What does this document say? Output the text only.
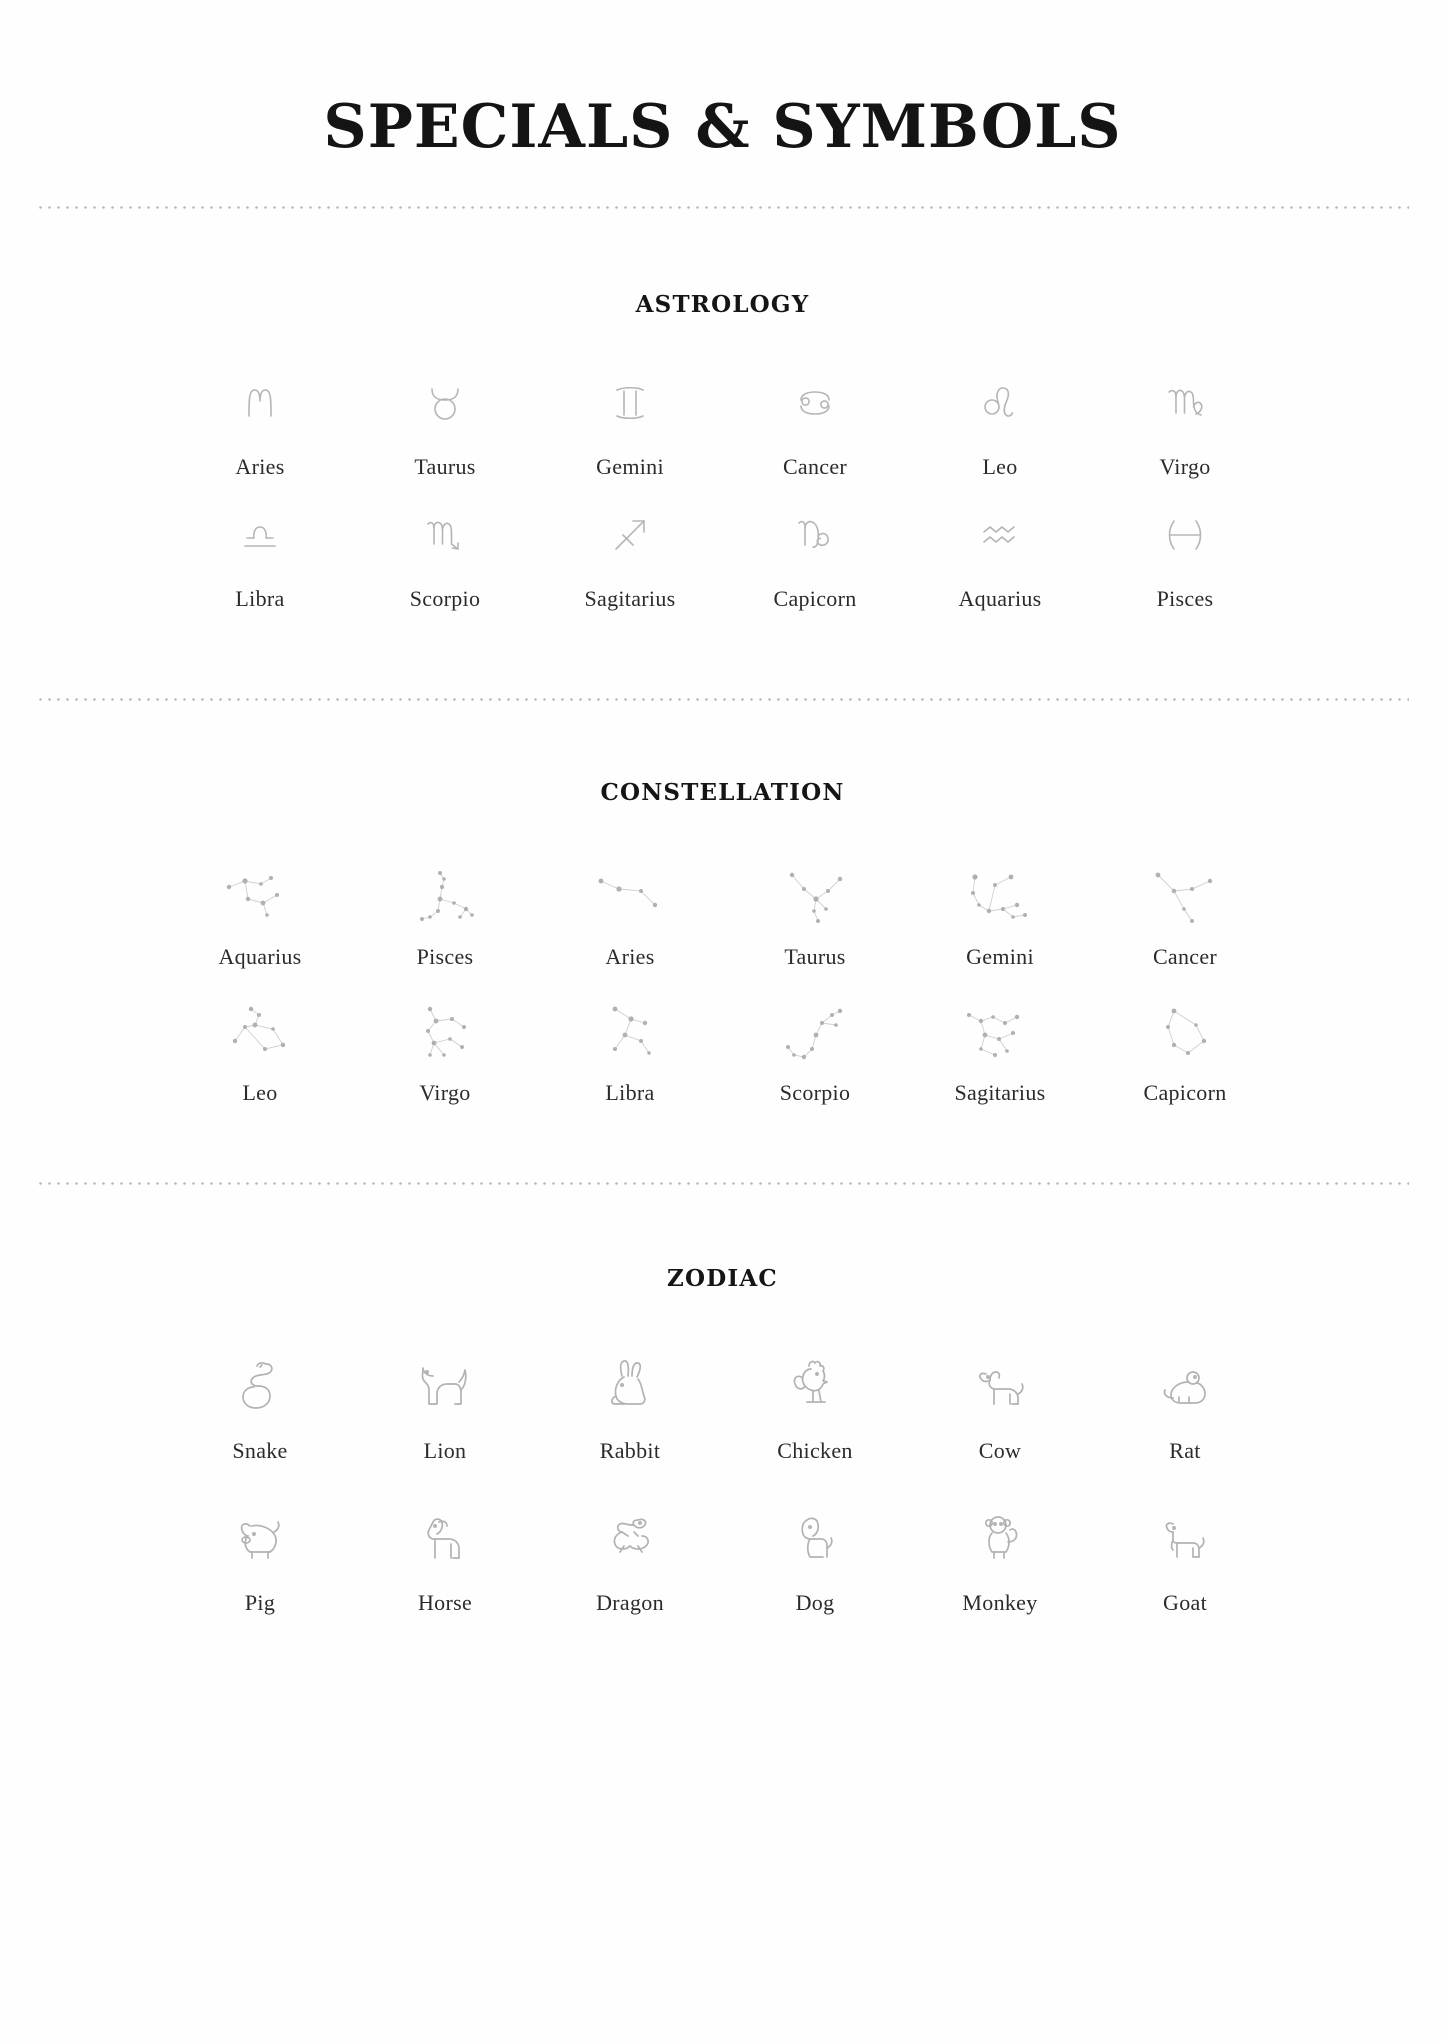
SPECIALS & SYMBOLS
ASTROLOGY
Aries	Taurus	Gemini	Cancer	Leo	Virgo
Libra	Scorpio	Sagitarius	Capicorn	Aquarius	Pisces
CONSTELLATION
Aquarius	Pisces	Aries	Taurus	Gemini	Cancer
Leo	Virgo	Libra	Scorpio	Sagitarius	Capicorn
ZODIAC
Snake	Lion	Rabbit	Chicken	Cow	Rat
Pig	Horse	Dragon	Dog	Monkey	Goat
